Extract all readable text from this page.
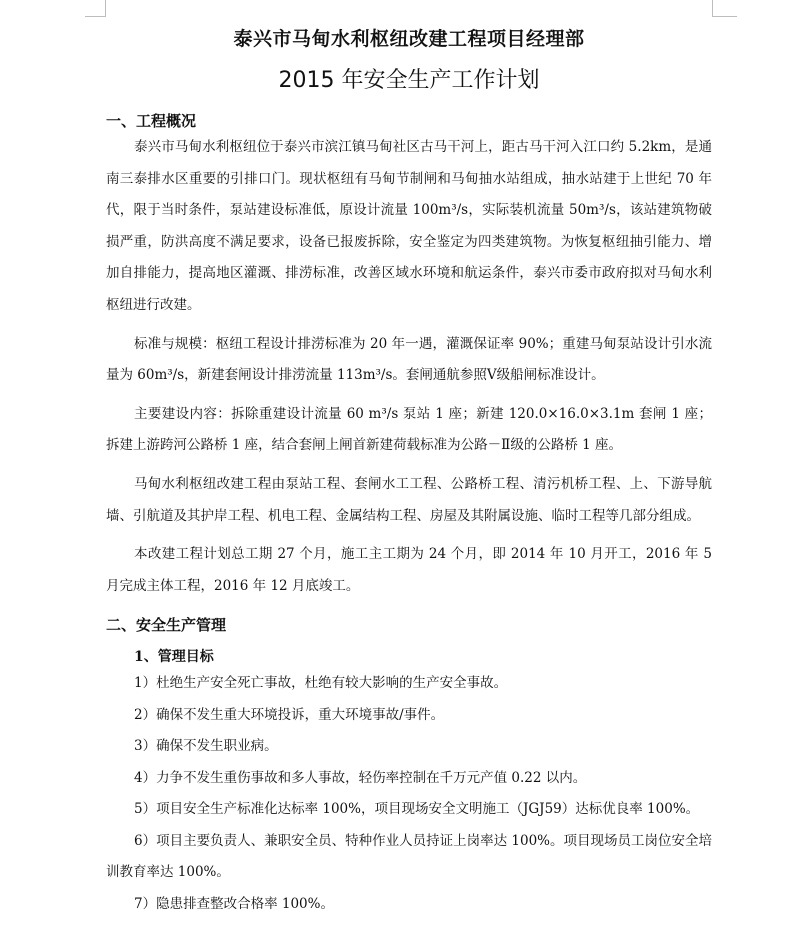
泰兴市马甸水利枢纽改建工程项目经理部
2015 年安全生产工作计划
一、工程概况

泰兴市马甸水利枢纽位于泰兴市滨江镇马甸社区古马干河上，距古马干河入江口约 5.2km，是通南三泰排水区重要的引排口门。现状枢纽有马甸节制闸和马甸抽水站组成，抽水站建于上世纪 70 年代，限于当时条件，泵站建设标准低，原设计流量 100m³/s，实际装机流量 50m³/s，该站建筑物破损严重，防洪高度不满足要求，设备已报废拆除，安全鉴定为四类建筑物。为恢复枢纽抽引能力、增加自排能力，提高地区灌溉、排涝标准，改善区域水环境和航运条件，泰兴市委市政府拟对马甸水利枢纽进行改建。

标准与规模：枢纽工程设计排涝标准为 20 年一遇，灌溉保证率 90%；重建马甸泵站设计引水流量为 60m³/s，新建套闸设计排涝流量 113m³/s。套闸通航参照Ⅴ级船闸标准设计。

主要建设内容：拆除重建设计流量 60 m³/s 泵站 1 座；新建 120.0×16.0×3.1m 套闸 1 座；拆建上游跨河公路桥 1 座，结合套闸上闸首新建荷载标准为公路－Ⅱ级的公路桥 1 座。

马甸水利枢纽改建工程由泵站工程、套闸水工工程、公路桥工程、清污机桥工程、上、下游导航墙、引航道及其护岸工程、机电工程、金属结构工程、房屋及其附属设施、临时工程等几部分组成。

本改建工程计划总工期 27 个月，施工主工期为 24 个月，即 2014 年 10 月开工，2016 年 5 月完成主体工程，2016 年 12 月底竣工。

二、安全生产管理
1、管理目标

1）杜绝生产安全死亡事故，杜绝有较大影响的生产安全事故。

2）确保不发生重大环境投诉，重大环境事故/事件。

3）确保不发生职业病。

4）力争不发生重伤事故和多人事故，轻伤率控制在千万元产值 0.22 以内。

5）项目安全生产标准化达标率 100%，项目现场安全文明施工（JGJ59）达标优良率 100%。

6）项目主要负责人、兼职安全员、特种作业人员持证上岗率达 100%。项目现场员工岗位安全培训教育率达 100%。

7）隐患排查整改合格率 100%。
